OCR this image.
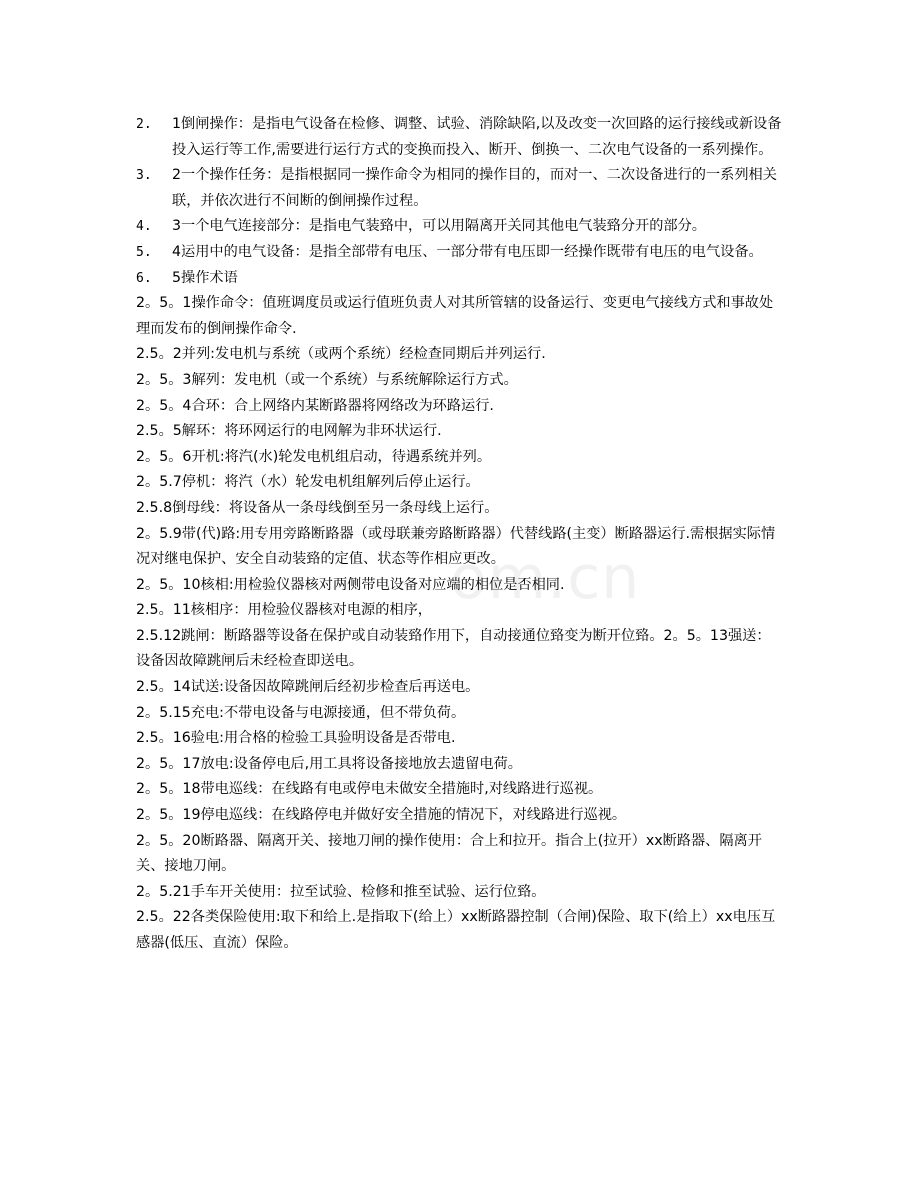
om.cn
2.	1倒闸操作：是指电气设备在检修、调整、试验、消除缺陷,以及改变一次回路的运行接线或新设备投入运行等工作,需要进行运行方式的变换而投入、断开、倒换一、二次电气设备的一系列操作。
3.	2一个操作任务：是指根据同一操作命令为相同的操作目的，而对一、二次设备进行的一系列相关联，并依次进行不间断的倒闸操作过程。
4.	3一个电气连接部分：是指电气装臵中，可以用隔离开关同其他电气装臵分开的部分。
5.	4运用中的电气设备：是指全部带有电压、一部分带有电压即一经操作既带有电压的电气设备。
6.	5操作术语

2。5。1操作命令：值班调度员或运行值班负责人对其所管辖的设备运行、变更电气接线方式和事故处理而发布的倒闸操作命令.

2.5。2并列:发电机与系统（或两个系统）经检查同期后并列运行.

2。5。3解列：发电机（或一个系统）与系统解除运行方式。

2。5。4合环：合上网络内某断路器将网络改为环路运行.

2.5。5解环：将环网运行的电网解为非环状运行.

2。5。6开机:将汽(水)轮发电机组启动，待遇系统并列。

2。5.7停机：将汽（水）轮发电机组解列后停止运行。

2.5.8倒母线：将设备从一条母线倒至另一条母线上运行。

2。5.9带(代)路:用专用旁路断路器（或母联兼旁路断路器）代替线路(主变）断路器运行.需根据实际情况对继电保护、安全自动装臵的定值、状态等作相应更改。

2。5。10核相:用检验仪器核对两侧带电设备对应端的相位是否相同.

2.5。11核相序：用检验仪器核对电源的相序，

2.5.12跳闸：断路器等设备在保护或自动装臵作用下，自动接通位臵变为断开位臵。2。5。13强送：设备因故障跳闸后未经检查即送电。

2.5。14试送:设备因故障跳闸后经初步检查后再送电。

2。5.15充电:不带电设备与电源接通，但不带负荷。

2.5。16验电:用合格的检验工具验明设备是否带电.

2。5。17放电:设备停电后,用工具将设备接地放去遗留电荷。

2。5。18带电巡线：在线路有电或停电未做安全措施时,对线路进行巡视。

2。5。19停电巡线：在线路停电并做好安全措施的情况下，对线路进行巡视。

2。5。20断路器、隔离开关、接地刀闸的操作使用：合上和拉开。指合上(拉开）xx断路器、隔离开关、接地刀闸。

2。5.21手车开关使用：拉至试验、检修和推至试验、运行位臵。

2.5。22各类保险使用:取下和给上.是指取下(给上）xx断路器控制（合闸)保险、取下(给上）xx电压互感器(低压、直流）保险。
